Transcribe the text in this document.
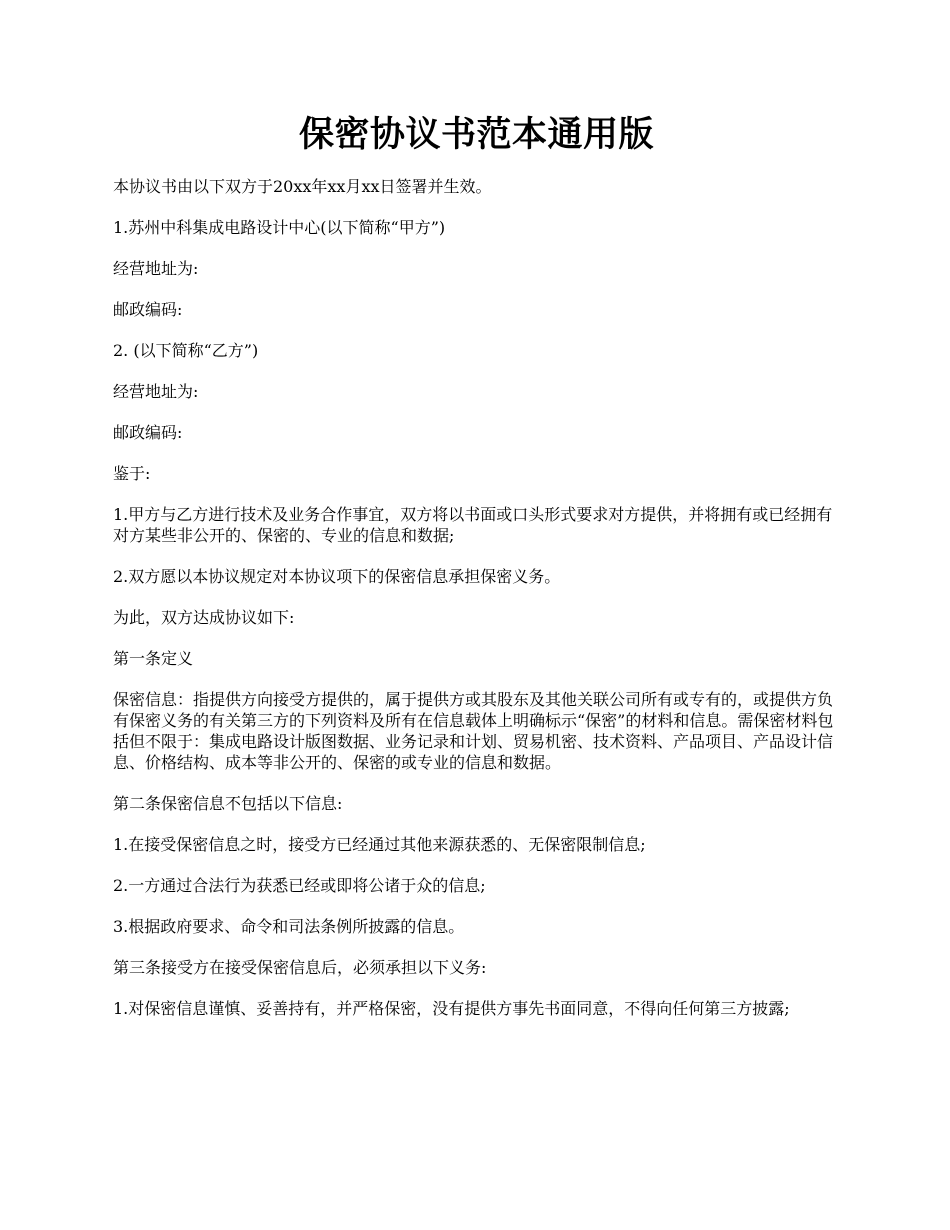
保密协议书范本通用版

本协议书由以下双方于20xx年xx月xx日签署并生效。

1.苏州中科集成电路设计中心(以下简称“甲方”)

经营地址为:

邮政编码:

2. (以下简称“乙方”)

经营地址为:

邮政编码:

鉴于:

1.甲方与乙方进行技术及业务合作事宜，双方将以书面或口头形式要求对方提供，并将拥有或已经拥有对方某些非公开的、保密的、专业的信息和数据;

2.双方愿以本协议规定对本协议项下的保密信息承担保密义务。

为此，双方达成协议如下:

第一条定义

保密信息：指提供方向接受方提供的，属于提供方或其股东及其他关联公司所有或专有的，或提供方负有保密义务的有关第三方的下列资料及所有在信息载体上明确标示“保密”的材料和信息。需保密材料包括但不限于：集成电路设计版图数据、业务记录和计划、贸易机密、技术资料、产品项目、产品设计信息、价格结构、成本等非公开的、保密的或专业的信息和数据。

第二条保密信息不包括以下信息:

1.在接受保密信息之时，接受方已经通过其他来源获悉的、无保密限制信息;

2.一方通过合法行为获悉已经或即将公诸于众的信息;

3.根据政府要求、命令和司法条例所披露的信息。

第三条接受方在接受保密信息后，必须承担以下义务:

1.对保密信息谨慎、妥善持有，并严格保密，没有提供方事先书面同意，不得向任何第三方披露;
